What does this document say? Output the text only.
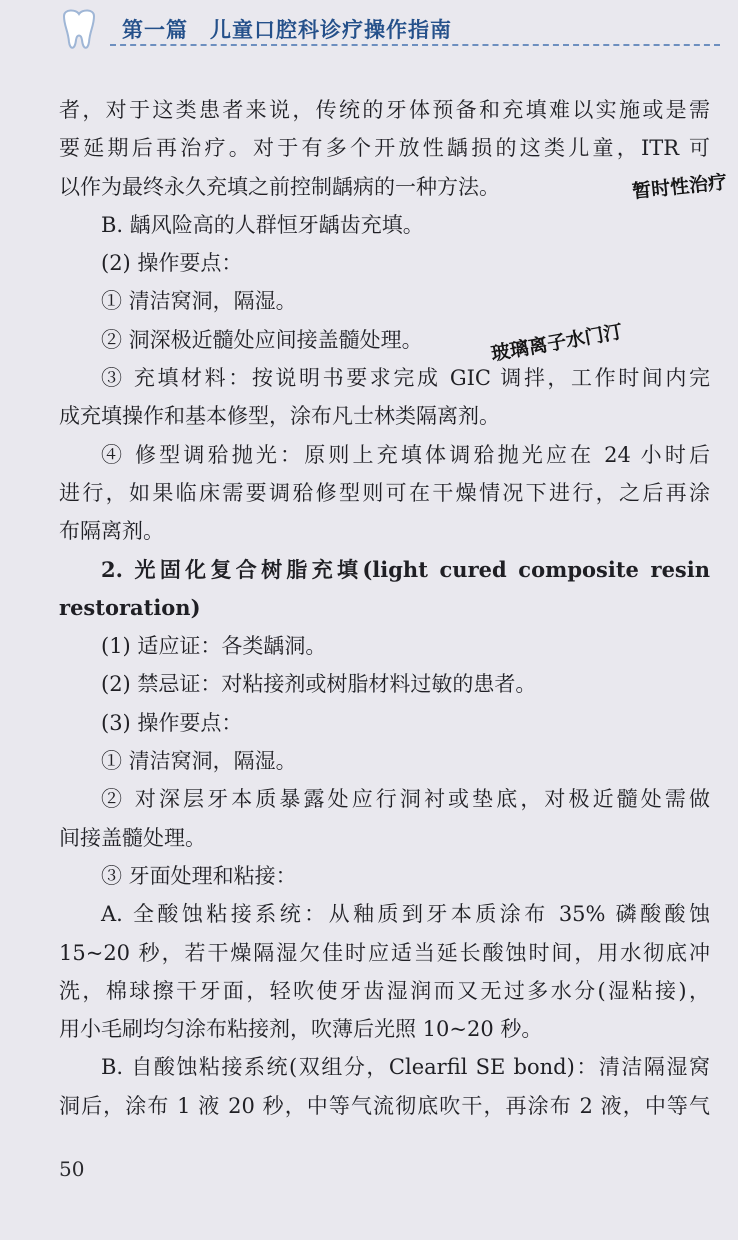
第一篇　儿童口腔科诊疗操作指南
者，对于这类患者来说，传统的牙体预备和充填难以实施或是需
要延期后再治疗。对于有多个开放性龋损的这类儿童，ITR 可
以作为最终永久充填之前控制龋病的一种方法。
B. 龋风险高的人群恒牙龋齿充填。
(2) 操作要点：
① 清洁窝洞，隔湿。
② 洞深极近髓处应间接盖髓处理。
③ 充填材料：按说明书要求完成 GIC 调拌，工作时间内完
成充填操作和基本修型，涂布凡士林类隔离剂。
④ 修型调𬌗抛光：原则上充填体调𬌗抛光应在 24 小时后
进行，如果临床需要调𬌗修型则可在干燥情况下进行，之后再涂
布隔离剂。
2. 光固化复合树脂充填(light cured composite resin
restoration)
(1) 适应证：各类龋洞。
(2) 禁忌证：对粘接剂或树脂材料过敏的患者。
(3) 操作要点：
① 清洁窝洞，隔湿。
② 对深层牙本质暴露处应行洞衬或垫底，对极近髓处需做
间接盖髓处理。
③ 牙面处理和粘接：
A. 全酸蚀粘接系统：从釉质到牙本质涂布 35% 磷酸酸蚀
15~20 秒，若干燥隔湿欠佳时应适当延长酸蚀时间，用水彻底冲
洗，棉球擦干牙面，轻吹使牙齿湿润而又无过多水分(湿粘接)，
用小毛刷均匀涂布粘接剂，吹薄后光照 10~20 秒。
B. 自酸蚀粘接系统(双组分，Clearfil SE bond)：清洁隔湿窝
洞后，涂布 1 液 20 秒，中等气流彻底吹干，再涂布 2 液，中等气
暂时性治疗
玻璃离子水门汀
50
